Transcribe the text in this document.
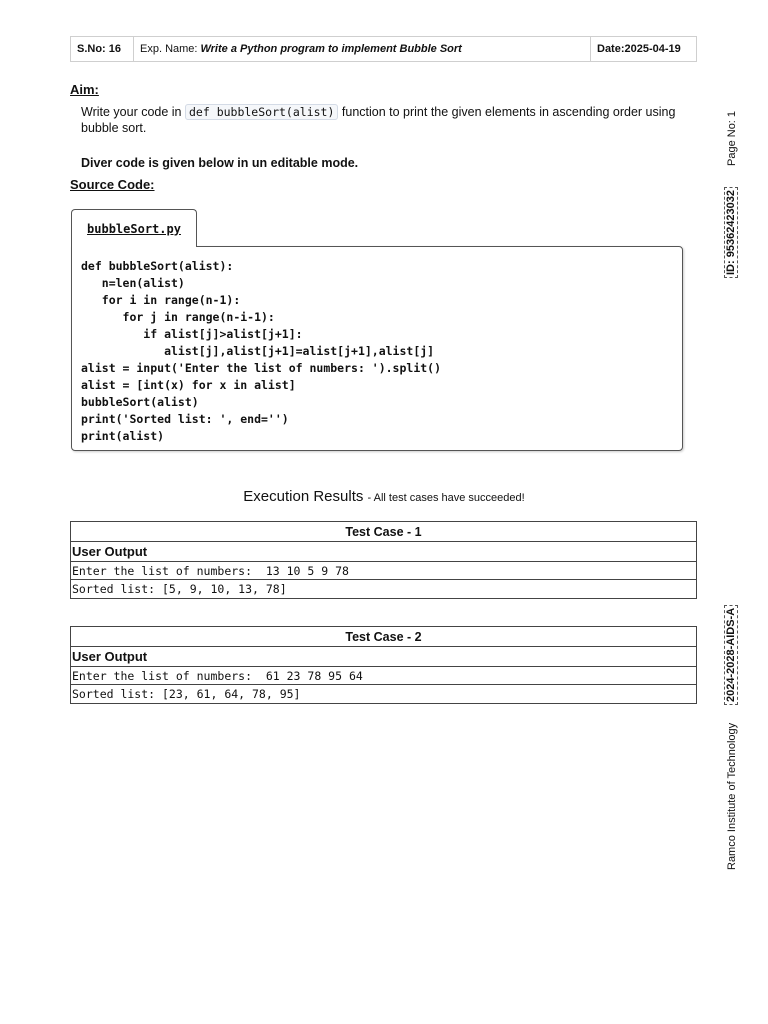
S.No: 16	Exp. Name: Write a Python program to implement Bubble Sort	Date:2025-04-19
Aim:
Write your code in def bubbleSort(alist) function to print the given elements in ascending order using bubble sort.
Diver code is given below in un editable mode.
Source Code:
bubbleSort.py
def bubbleSort(alist):
n=len(alist)
for i in range(n-1):
for j in range(n-i-1):
if alist[j]>alist[j+1]:
alist[j],alist[j+1]=alist[j+1],alist[j]
alist = input('Enter the list of numbers: ').split()
alist = [int(x) for x in alist]
bubbleSort(alist)
print('Sorted list: ', end='')
print(alist)
Execution Results - All test cases have succeeded!
Test Case - 1
User Output
Enter the list of numbers:  13 10 5 9 78
Sorted list: [5, 9, 10, 13, 78]
Test Case - 2
User Output
Enter the list of numbers:  61 23 78 95 64
Sorted list: [23, 61, 64, 78, 95]
Page No: 1
ID: 95362423032
2024-2028-AIDS-A
Ramco Institute of Technology
